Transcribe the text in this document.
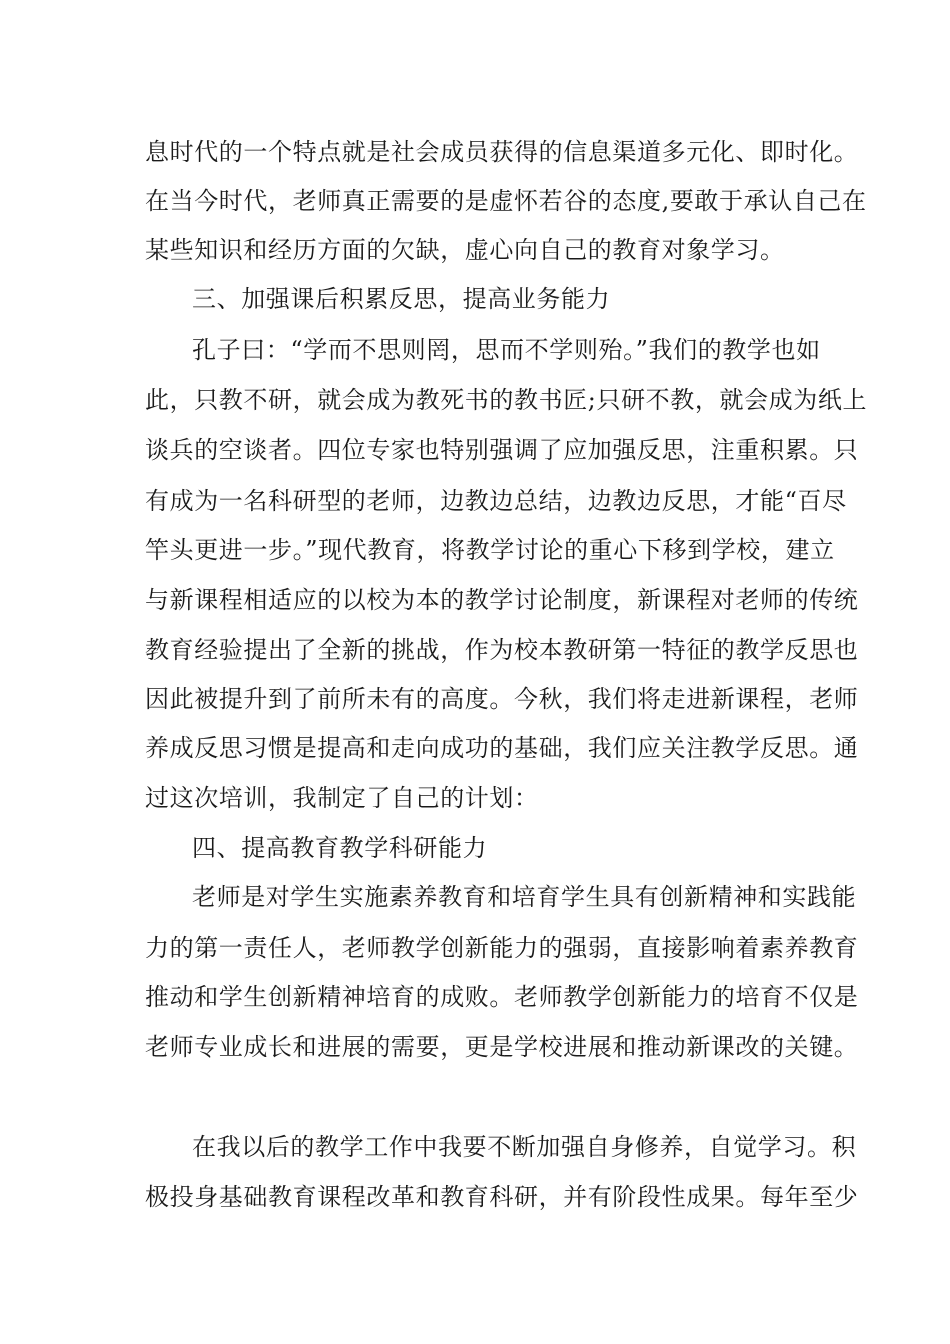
息时代的一个特点就是社会成员获得的信息渠道多元化、即时化。
在当今时代，老师真正需要的是虚怀若谷的态度,要敢于承认自己在
某些知识和经历方面的欠缺，虚心向自己的教育对象学习。
三、加强课后积累反思，提高业务能力
孔子曰：“学而不思则罔，思而不学则殆。”我们的教学也如
此，只教不研，就会成为教死书的教书匠;只研不教，就会成为纸上
谈兵的空谈者。四位专家也特别强调了应加强反思，注重积累。只
有成为一名科研型的老师，边教边总结，边教边反思，才能“百尽
竿头更进一步。”现代教育，将教学讨论的重心下移到学校，建立
与新课程相适应的以校为本的教学讨论制度，新课程对老师的传统
教育经验提出了全新的挑战，作为校本教研第一特征的教学反思也
因此被提升到了前所未有的高度。今秋，我们将走进新课程，老师
养成反思习惯是提高和走向成功的基础，我们应关注教学反思。通
过这次培训，我制定了自己的计划：
四、提高教育教学科研能力
老师是对学生实施素养教育和培育学生具有创新精神和实践能
力的第一责任人，老师教学创新能力的强弱，直接影响着素养教育
推动和学生创新精神培育的成败。老师教学创新能力的培育不仅是
老师专业成长和进展的需要，更是学校进展和推动新课改的关键。
在我以后的教学工作中我要不断加强自身修养，自觉学习。积
极投身基础教育课程改革和教育科研，并有阶段性成果。每年至少
